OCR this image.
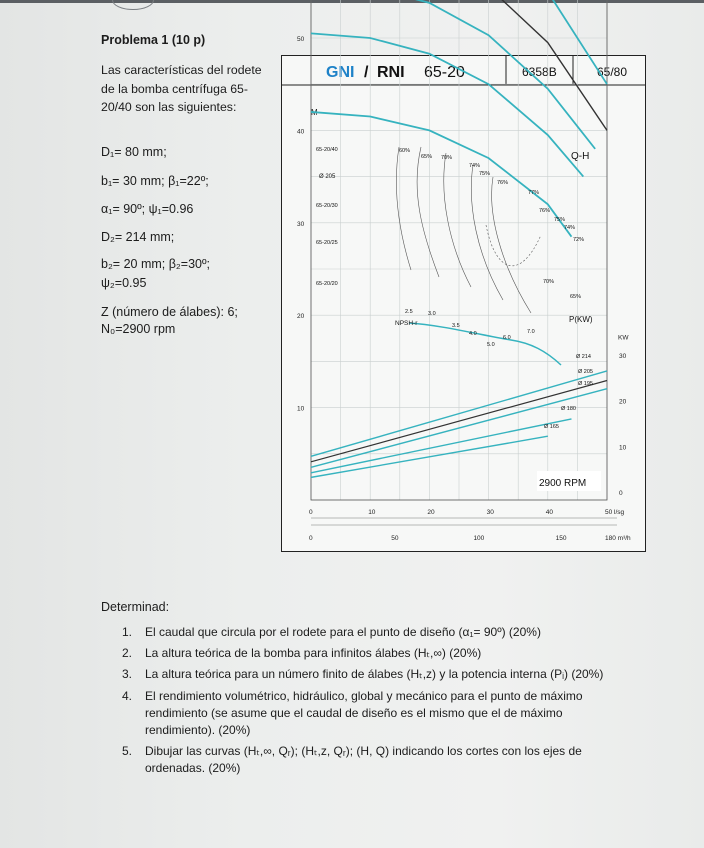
Problema 1 (10 p)
Las características del rodete de la bomba centrífuga 65-20/40 son las siguientes:
D₁= 80 mm;
b₁= 30 mm; β₁=22º;
α₁= 90º; ψ₁=0.96
D₂= 214 mm;
b₂= 20 mm; β₂=30º;
ψ₂=0.95
Z (número de álabes): 6;
N₀=2900 rpm
GNI / RNI 65-20	6358B	65/80
M
10
20
30
40
50
30
20
10
0
KW
0	10	20	30	40	50 l/sg
0	50	100	150	180 m³/h
65-20/40
65-20/30
65-20/25
65-20/20
Ø 205
Q-H
P(KW)
NPSH-r
60%
65% 70%
74%
75%
76%
77%
76%
75%
74%
72%
70%
65%
2.5	3.0
3.5
4.0
5.0
6.0
7.0
Ø 214
Ø 205
Ø 195
Ø 180
Ø 165
2900 RPM
Determinad:
1. El caudal que circula por el rodete para el punto de diseño (α₁= 90º) (20%)
2. La altura teórica de la bomba para infinitos álabes (Hₜ,∞) (20%)
3. La altura teórica para un número finito de álabes (Hₜ,z) y la potencia interna (Pᵢ) (20%)
4. El rendimiento volumétrico, hidráulico, global y mecánico para el punto de máximo rendimiento (se asume que el caudal de diseño es el mismo que el de máximo rendimiento). (20%)
5. Dibujar las curvas (Hₜ,∞, Qᵣ); (Hₜ,z, Qᵣ); (H, Q) indicando los cortes con los ejes de ordenadas. (20%)
